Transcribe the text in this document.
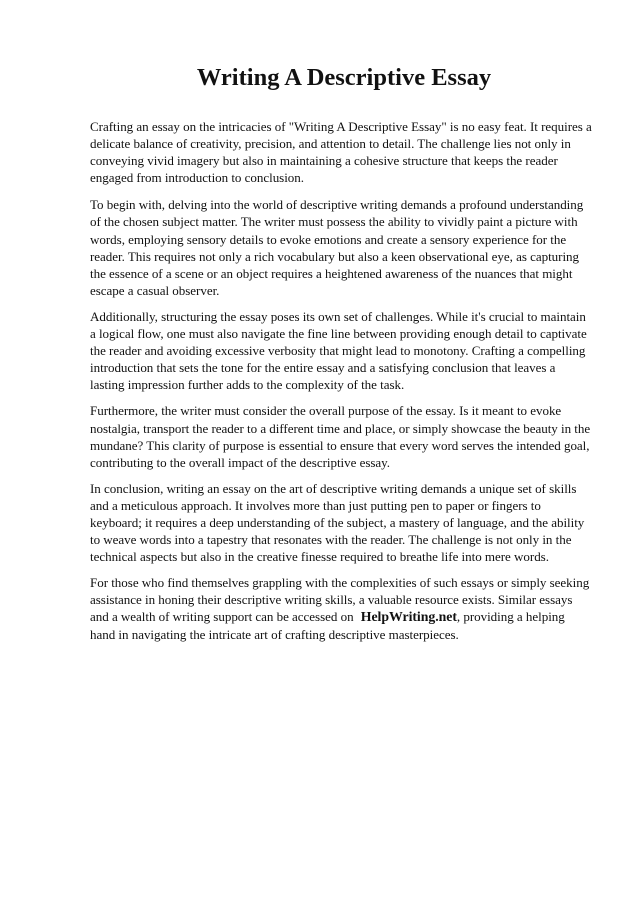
Writing A Descriptive Essay

Crafting an essay on the intricacies of "Writing A Descriptive Essay" is no easy feat. It requires a delicate balance of creativity, precision, and attention to detail. The challenge lies not only in conveying vivid imagery but also in maintaining a cohesive structure that keeps the reader engaged from introduction to conclusion.

To begin with, delving into the world of descriptive writing demands a profound understanding of the chosen subject matter. The writer must possess the ability to vividly paint a picture with words, employing sensory details to evoke emotions and create a sensory experience for the reader. This requires not only a rich vocabulary but also a keen observational eye, as capturing the essence of a scene or an object requires a heightened awareness of the nuances that might escape a casual observer.

Additionally, structuring the essay poses its own set of challenges. While it's crucial to maintain a logical flow, one must also navigate the fine line between providing enough detail to captivate the reader and avoiding excessive verbosity that might lead to monotony. Crafting a compelling introduction that sets the tone for the entire essay and a satisfying conclusion that leaves a lasting impression further adds to the complexity of the task.

Furthermore, the writer must consider the overall purpose of the essay. Is it meant to evoke nostalgia, transport the reader to a different time and place, or simply showcase the beauty in the mundane? This clarity of purpose is essential to ensure that every word serves the intended goal, contributing to the overall impact of the descriptive essay.

In conclusion, writing an essay on the art of descriptive writing demands a unique set of skills and a meticulous approach. It involves more than just putting pen to paper or fingers to keyboard; it requires a deep understanding of the subject, a mastery of language, and the ability to weave words into a tapestry that resonates with the reader. The challenge is not only in the technical aspects but also in the creative finesse required to breathe life into mere words.

For those who find themselves grappling with the complexities of such essays or simply seeking assistance in honing their descriptive writing skills, a valuable resource exists. Similar essays and a wealth of writing support can be accessed on HelpWriting.net, providing a helping hand in navigating the intricate art of crafting descriptive masterpieces.
